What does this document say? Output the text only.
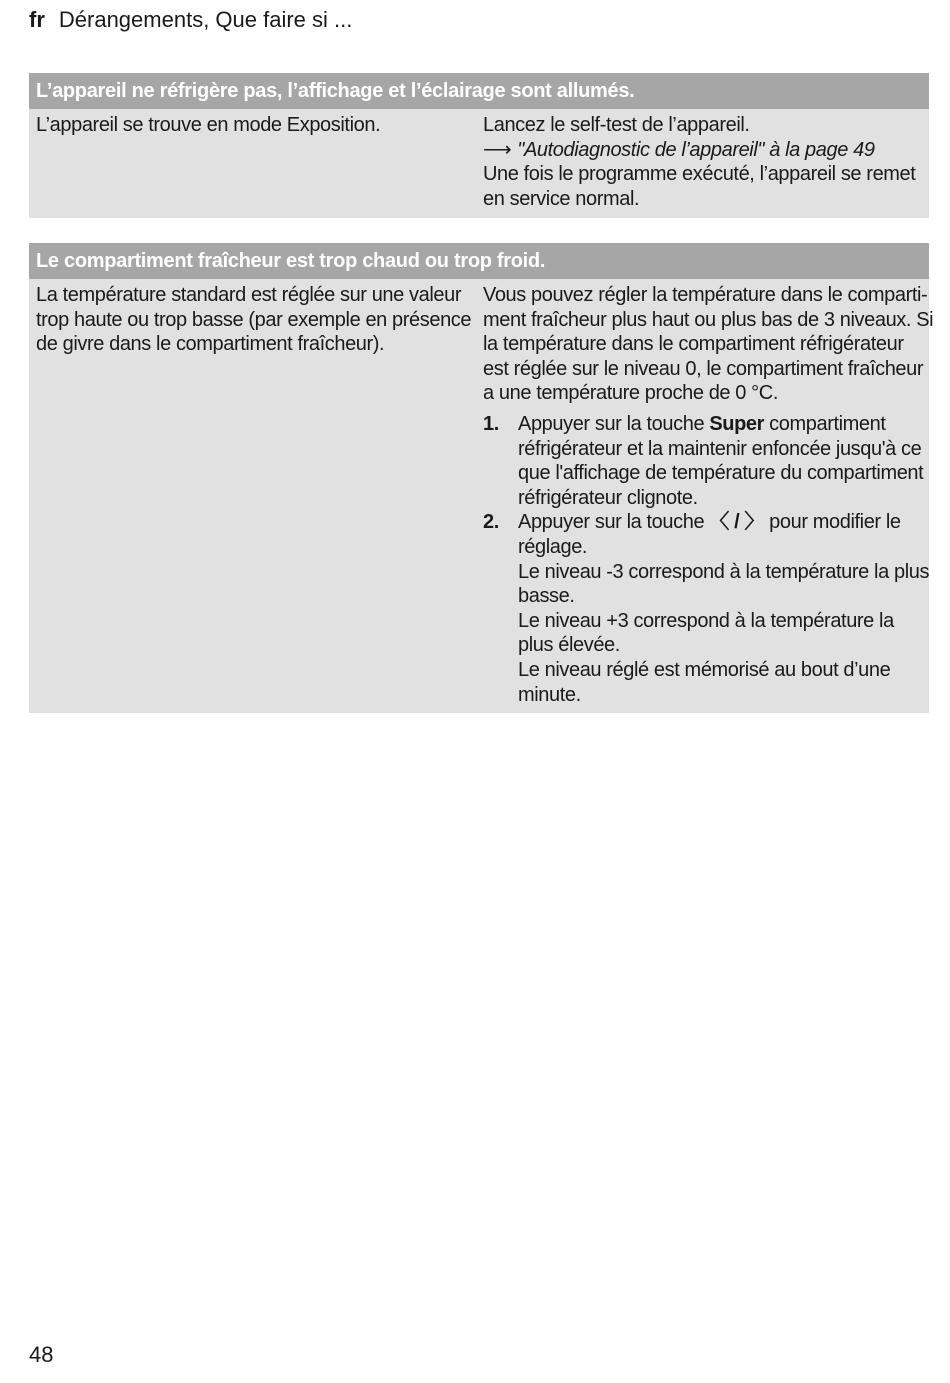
fr Dérangements, Que faire si ...
L’appareil ne réfrigère pas, l’affichage et l’éclairage sont allumés.
L’appareil se trouve en mode Exposition.	Lancez le self-test de l’appareil.
⟶ "Autodiagnostic de l’appareil" à la page 49
Une fois le programme exécuté, l’appareil se remet
en service normal.
Le compartiment fraîcheur est trop chaud ou trop froid.
La température standard est réglée sur une valeur
trop haute ou trop basse (par exemple en présence
de givre dans le compartiment fraîcheur).
Vous pouvez régler la température dans le comparti-
ment fraîcheur plus haut ou plus bas de 3 niveaux. Si
la température dans le compartiment réfrigérateur
est réglée sur le niveau 0, le compartiment fraîcheur
a une température proche de 0 °C.
1. Appuyer sur la touche Super compartiment
réfrigérateur et la maintenir enfoncée jusqu'à ce
que l'affichage de température du compartiment
réfrigérateur clignote.
2. Appuyer sur la touche 〈 / 〉 pour modifier le
réglage.
Le niveau -3 correspond à la température la plus
basse.
Le niveau +3 correspond à la température la
plus élevée.
Le niveau réglé est mémorisé au bout d’une
minute.
48
